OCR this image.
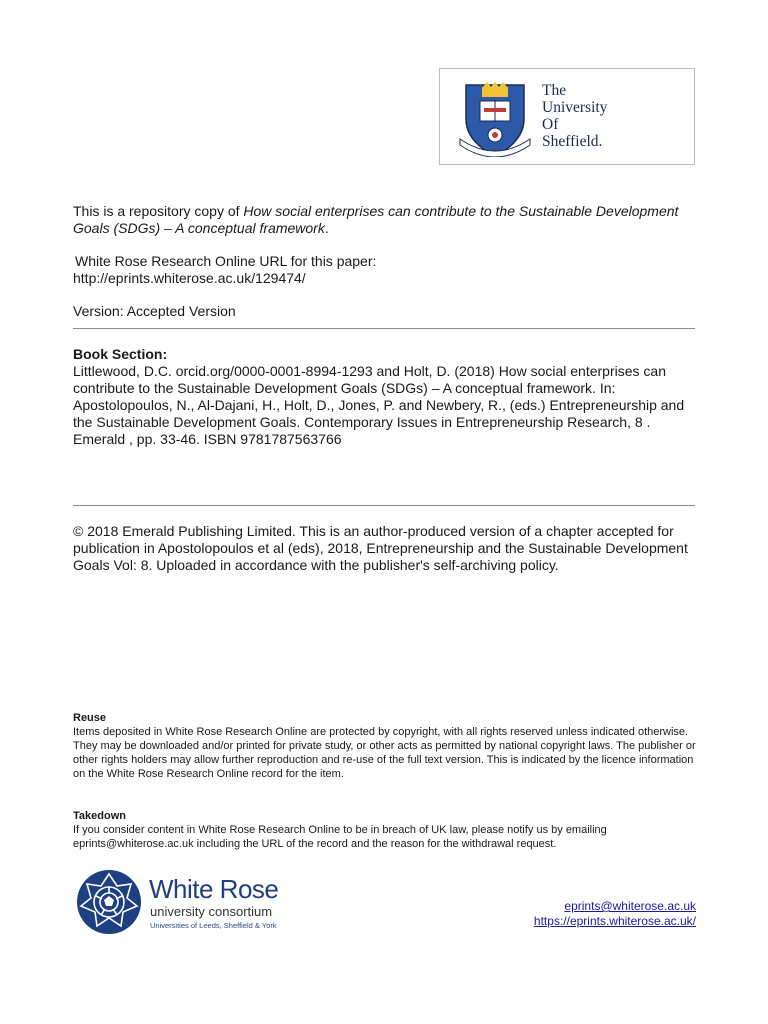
The
University
Of
Sheffield.
This is a repository copy of How social enterprises can contribute to the Sustainable Development Goals (SDGs) – A conceptual framework.
White Rose Research Online URL for this paper:
http://eprints.whiterose.ac.uk/129474/
Version: Accepted Version
Book Section:
Littlewood, D.C. orcid.org/0000-0001-8994-1293 and Holt, D. (2018) How social enterprises can contribute to the Sustainable Development Goals (SDGs) – A conceptual framework. In: Apostolopoulos, N., Al-Dajani, H., Holt, D., Jones, P. and Newbery, R., (eds.) Entrepreneurship and the Sustainable Development Goals. Contemporary Issues in Entrepreneurship Research, 8 . Emerald , pp. 33-46. ISBN 9781787563766
© 2018 Emerald Publishing Limited. This is an author-produced version of a chapter accepted for publication in Apostolopoulos et al (eds), 2018, Entrepreneurship and the Sustainable Development Goals Vol: 8. Uploaded in accordance with the publisher's self-archiving policy.
Reuse
Items deposited in White Rose Research Online are protected by copyright, with all rights reserved unless indicated otherwise. They may be downloaded and/or printed for private study, or other acts as permitted by national copyright laws. The publisher or other rights holders may allow further reproduction and re-use of the full text version. This is indicated by the licence information on the White Rose Research Online record for the item.
Takedown
If you consider content in White Rose Research Online to be in breach of UK law, please notify us by emailing eprints@whiterose.ac.uk including the URL of the record and the reason for the withdrawal request.
White Rose
university consortium
Universities of Leeds, Sheffield & York
eprints@whiterose.ac.uk
https://eprints.whiterose.ac.uk/
